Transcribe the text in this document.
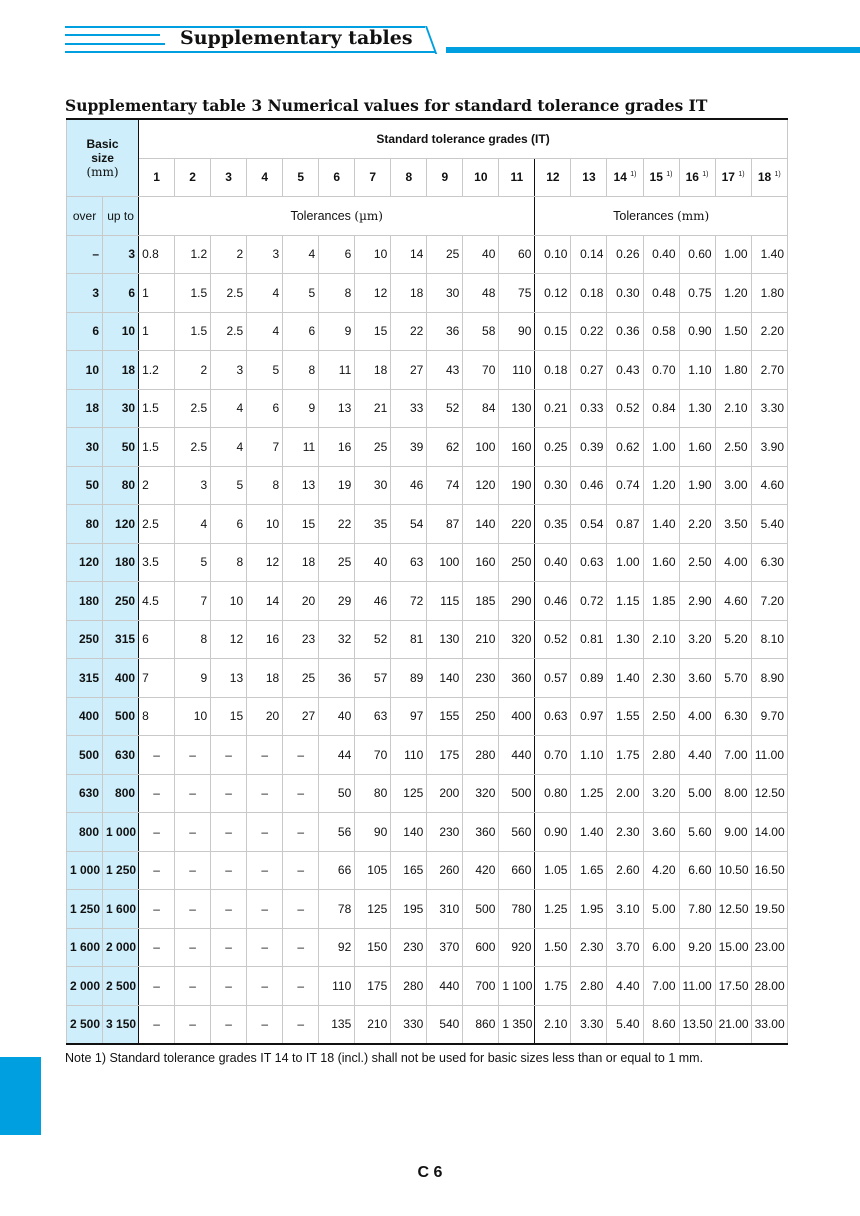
Supplementary tables
Supplementary table 3 Numerical values for standard tolerance grades IT
Basic size
(mm)		Standard tolerance grades (IT)																	
		1	2	3	4	5	6	7	8	9	10	11	12	13	14 $^{1)}$	15 $^{1)}$	16 $^{1)}$	17 $^{1)}$	18 $^{1)}$
over	up to	Tolerances (µm)											Tolerances (mm)						
–	3	0.8	1.2	2	3	4	6	10	14	25	40	60	0.10	0.14	0.26	0.40	0.60	1.00	1.40
3	6	1	1.5	2.5	4	5	8	12	18	30	48	75	0.12	0.18	0.30	0.48	0.75	1.20	1.80
6	10	1	1.5	2.5	4	6	9	15	22	36	58	90	0.15	0.22	0.36	0.58	0.90	1.50	2.20
10	18	1.2	2	3	5	8	11	18	27	43	70	110	0.18	0.27	0.43	0.70	1.10	1.80	2.70
18	30	1.5	2.5	4	6	9	13	21	33	52	84	130	0.21	0.33	0.52	0.84	1.30	2.10	3.30
30	50	1.5	2.5	4	7	11	16	25	39	62	100	160	0.25	0.39	0.62	1.00	1.60	2.50	3.90
50	80	2	3	5	8	13	19	30	46	74	120	190	0.30	0.46	0.74	1.20	1.90	3.00	4.60
80	120	2.5	4	6	10	15	22	35	54	87	140	220	0.35	0.54	0.87	1.40	2.20	3.50	5.40
120	180	3.5	5	8	12	18	25	40	63	100	160	250	0.40	0.63	1.00	1.60	2.50	4.00	6.30
180	250	4.5	7	10	14	20	29	46	72	115	185	290	0.46	0.72	1.15	1.85	2.90	4.60	7.20
250	315	6	8	12	16	23	32	52	81	130	210	320	0.52	0.81	1.30	2.10	3.20	5.20	8.10
315	400	7	9	13	18	25	36	57	89	140	230	360	0.57	0.89	1.40	2.30	3.60	5.70	8.90
400	500	8	10	15	20	27	40	63	97	155	250	400	0.63	0.97	1.55	2.50	4.00	6.30	9.70
500	630	–	–	–	–	–	44	70	110	175	280	440	0.70	1.10	1.75	2.80	4.40	7.00	11.00
630	800	–	–	–	–	–	50	80	125	200	320	500	0.80	1.25	2.00	3.20	5.00	8.00	12.50
800	1 000	–	–	–	–	–	56	90	140	230	360	560	0.90	1.40	2.30	3.60	5.60	9.00	14.00
1 000	1 250	–	–	–	–	–	66	105	165	260	420	660	1.05	1.65	2.60	4.20	6.60	10.50	16.50
1 250	1 600	–	–	–	–	–	78	125	195	310	500	780	1.25	1.95	3.10	5.00	7.80	12.50	19.50
1 600	2 000	–	–	–	–	–	92	150	230	370	600	920	1.50	2.30	3.70	6.00	9.20	15.00	23.00
2 000	2 500	–	–	–	–	–	110	175	280	440	700	1 100	1.75	2.80	4.40	7.00	11.00	17.50	28.00
2 500	3 150	–	–	–	–	–	135	210	330	540	860	1 350	2.10	3.30	5.40	8.60	13.50	21.00	33.00
Note 1) Standard tolerance grades IT 14 to IT 18 (incl.) shall not be used for basic sizes less than or equal to 1 mm.
C 6
